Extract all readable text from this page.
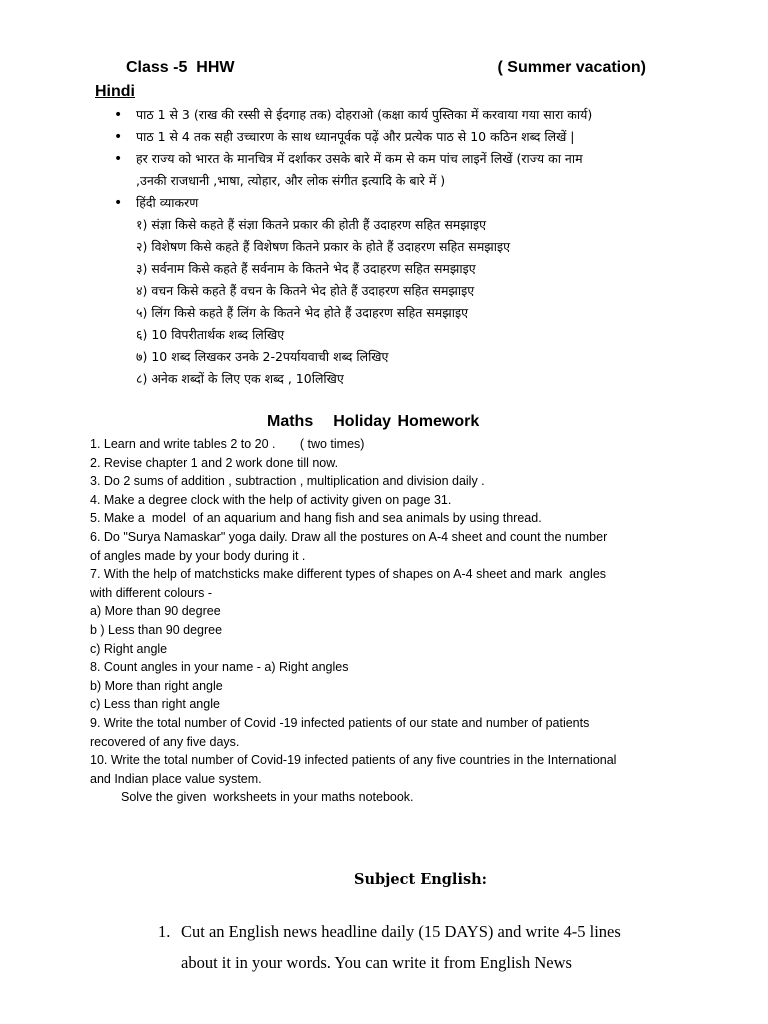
Class -5  HHW	( Summer vacation)
Hindi
• पाठ 1 से 3 (राख की रस्सी से ईदगाह तक) दोहराओ (कक्षा कार्य पुस्तिका में करवाया गया सारा कार्य)
• पाठ 1 से 4 तक सही उच्चारण के साथ ध्यानपूर्वक पढ़ें और प्रत्येक पाठ से 10 कठिन शब्द लिखें |
• हर राज्य को भारत के मानचित्र में दर्शाकर उसके बारे में कम से कम पांच लाइनें लिखें (राज्य का नाम
,उनकी राजधानी ,भाषा, त्योहार, और लोक संगीत इत्यादि के बारे में )
• हिंदी व्याकरण
१) संज्ञा किसे कहते हैं संज्ञा कितने प्रकार की होती हैं उदाहरण सहित समझाइए
२) विशेषण किसे कहते हैं विशेषण कितने प्रकार के होते हैं उदाहरण सहित समझाइए
३) सर्वनाम किसे कहते हैं सर्वनाम के कितने भेद हैं उदाहरण सहित समझाइए
४) वचन किसे कहते हैं वचन के कितने भेद होते हैं उदाहरण सहित समझाइए
५) लिंग किसे कहते हैं लिंग के कितने भेद होते हैं उदाहरण सहित समझाइए
६) 10 विपरीतार्थक शब्द लिखिए
७) 10 शब्द लिखकर उनके 2-2पर्यायवाची शब्द लिखिए
८) अनेक शब्दों के लिए एक शब्द , 10लिखिए
Maths Holiday Homework
1. Learn and write tables 2 to 20 .       ( two times)
2. Revise chapter 1 and 2 work done till now.
3. Do 2 sums of addition , subtraction , multiplication and division daily .
4. Make a degree clock with the help of activity given on page 31.
5. Make a  model  of an aquarium and hang fish and sea animals by using thread.
6. Do "Surya Namaskar" yoga daily. Draw all the postures on A-4 sheet and count the number
of angles made by your body during it .
7. With the help of matchsticks make different types of shapes on A-4 sheet and mark  angles
with different colours -
a) More than 90 degree
b ) Less than 90 degree
c) Right angle
8. Count angles in your name - a) Right angles
b) More than right angle
c) Less than right angle
9. Write the total number of Covid -19 infected patients of our state and number of patients
recovered of any five days.
10. Write the total number of Covid-19 infected patients of any five countries in the International
and Indian place value system.
Solve the given  worksheets in your maths notebook.
Subject English:
1. Cut an English news headline daily (15 DAYS) and write 4-5 lines
about it in your words. You can write it from English News
